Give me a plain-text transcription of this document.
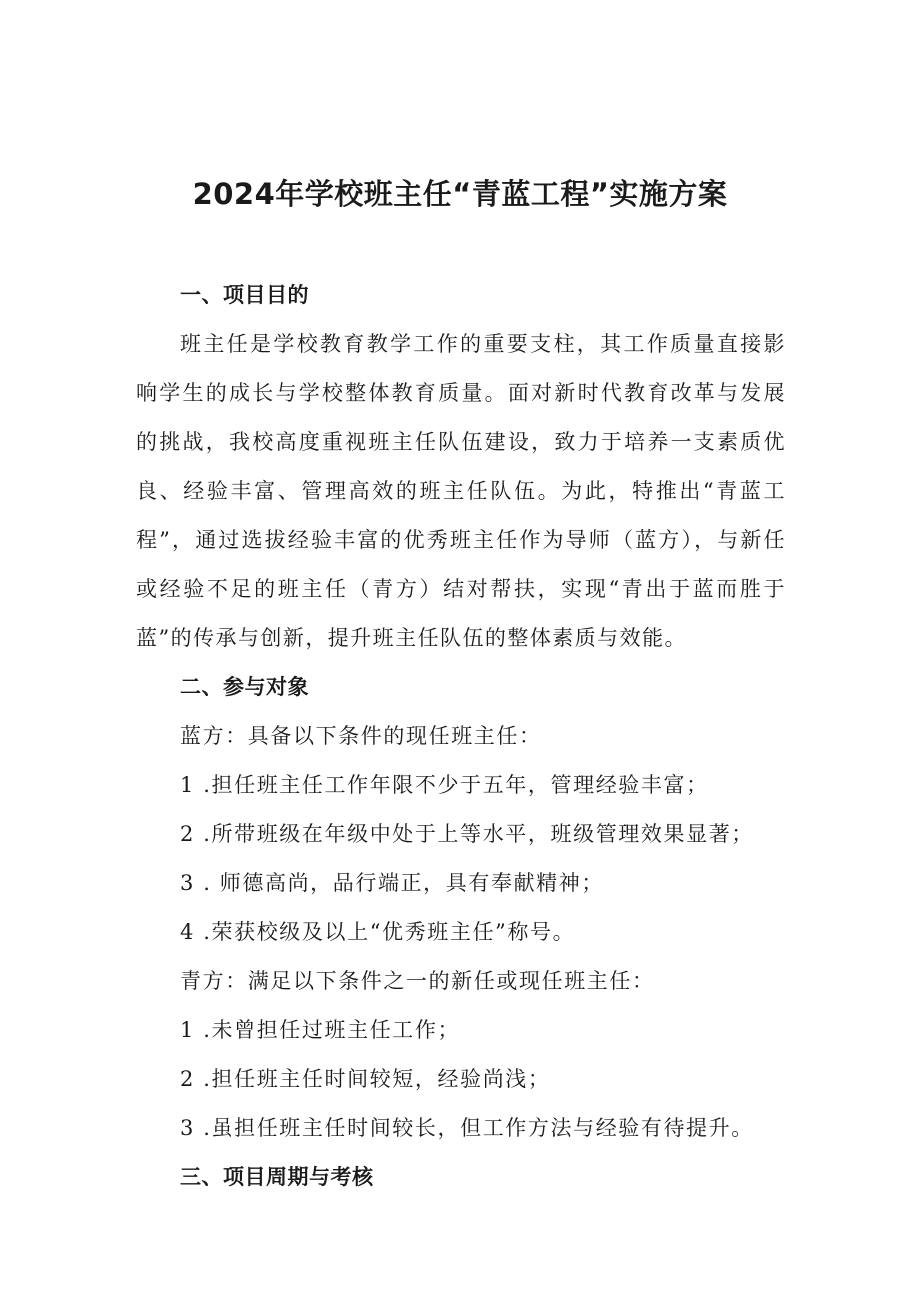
2024年学校班主任“青蓝工程”实施方案
一、项目目的

班主任是学校教育教学工作的重要支柱，其工作质量直接影响学生的成长与学校整体教育质量。面对新时代教育改革与发展的挑战，我校高度重视班主任队伍建设，致力于培养一支素质优良、经验丰富、管理高效的班主任队伍。为此，特推出“青蓝工程”，通过选拔经验丰富的优秀班主任作为导师（蓝方），与新任或经验不足的班主任（青方）结对帮扶，实现“青出于蓝而胜于蓝”的传承与创新，提升班主任队伍的整体素质与效能。

二、参与对象
蓝方：具备以下条件的现任班主任：
1 .担任班主任工作年限不少于五年，管理经验丰富；
2 .所带班级在年级中处于上等水平，班级管理效果显著；
3 . 师德高尚，品行端正，具有奉献精神；
4 .荣获校级及以上“优秀班主任”称号。
青方：满足以下条件之一的新任或现任班主任：
1 .未曾担任过班主任工作；
2 .担任班主任时间较短，经验尚浅；
3 .虽担任班主任时间较长，但工作方法与经验有待提升。
三、项目周期与考核
